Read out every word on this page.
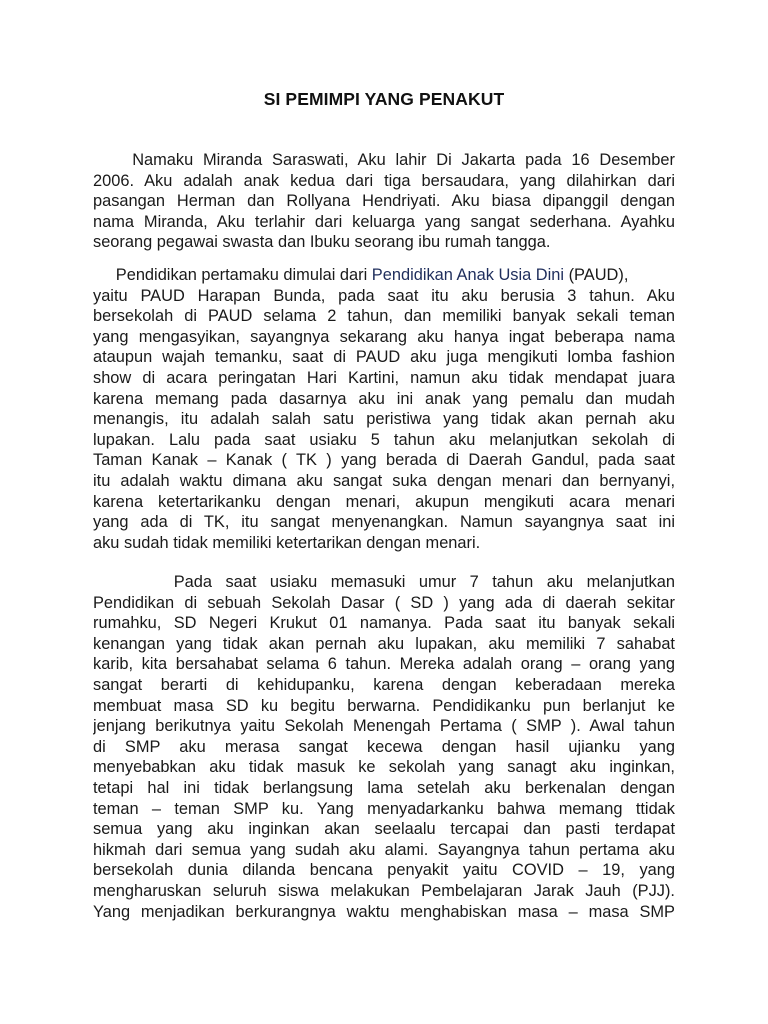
SI PEMIMPI YANG PENAKUT
Namaku Miranda Saraswati, Aku lahir Di Jakarta pada 16 Desember
2006. Aku adalah anak kedua dari tiga bersaudara, yang dilahirkan dari
pasangan Herman dan Rollyana Hendriyati. Aku biasa dipanggil dengan
nama Miranda, Aku terlahir dari keluarga yang sangat sederhana. Ayahku
seorang pegawai swasta dan Ibuku seorang ibu rumah tangga.
Pendidikan pertamaku dimulai dari Pendidikan Anak Usia Dini (PAUD),
yaitu PAUD Harapan Bunda, pada saat itu aku berusia 3 tahun. Aku
bersekolah di PAUD selama 2 tahun, dan memiliki banyak sekali teman
yang mengasyikan, sayangnya sekarang aku hanya ingat beberapa nama
ataupun wajah temanku, saat di PAUD aku juga mengikuti lomba fashion
show di acara peringatan Hari Kartini, namun aku tidak mendapat juara
karena memang pada dasarnya aku ini anak yang pemalu dan mudah
menangis, itu adalah salah satu peristiwa yang tidak akan pernah aku
lupakan. Lalu pada saat usiaku 5 tahun aku melanjutkan sekolah di
Taman Kanak – Kanak ( TK ) yang berada di Daerah Gandul, pada saat
itu adalah waktu dimana aku sangat suka dengan menari dan bernyanyi,
karena ketertarikanku dengan menari, akupun mengikuti acara menari
yang ada di TK, itu sangat menyenangkan. Namun sayangnya saat ini
aku sudah tidak memiliki ketertarikan dengan menari.
Pada saat usiaku memasuki umur 7 tahun aku melanjutkan
Pendidikan di sebuah Sekolah Dasar ( SD ) yang ada di daerah sekitar
rumahku, SD Negeri Krukut 01 namanya. Pada saat itu banyak sekali
kenangan yang tidak akan pernah aku lupakan, aku memiliki 7 sahabat
karib, kita bersahabat selama 6 tahun. Mereka adalah orang – orang yang
sangat berarti di kehidupanku, karena dengan keberadaan mereka
membuat masa SD ku begitu berwarna. Pendidikanku pun berlanjut ke
jenjang berikutnya yaitu Sekolah Menengah Pertama ( SMP ). Awal tahun
di SMP aku merasa sangat kecewa dengan hasil ujianku yang
menyebabkan aku tidak masuk ke sekolah yang sanagt aku inginkan,
tetapi hal ini tidak berlangsung lama setelah aku berkenalan dengan
teman – teman SMP ku. Yang menyadarkanku bahwa memang ttidak
semua yang aku inginkan akan seelaalu tercapai dan pasti terdapat
hikmah dari semua yang sudah aku alami. Sayangnya tahun pertama aku
bersekolah dunia dilanda bencana penyakit yaitu COVID – 19, yang
mengharuskan seluruh siswa melakukan Pembelajaran Jarak Jauh (PJJ).
Yang menjadikan berkurangnya waktu menghabiskan masa – masa SMP
